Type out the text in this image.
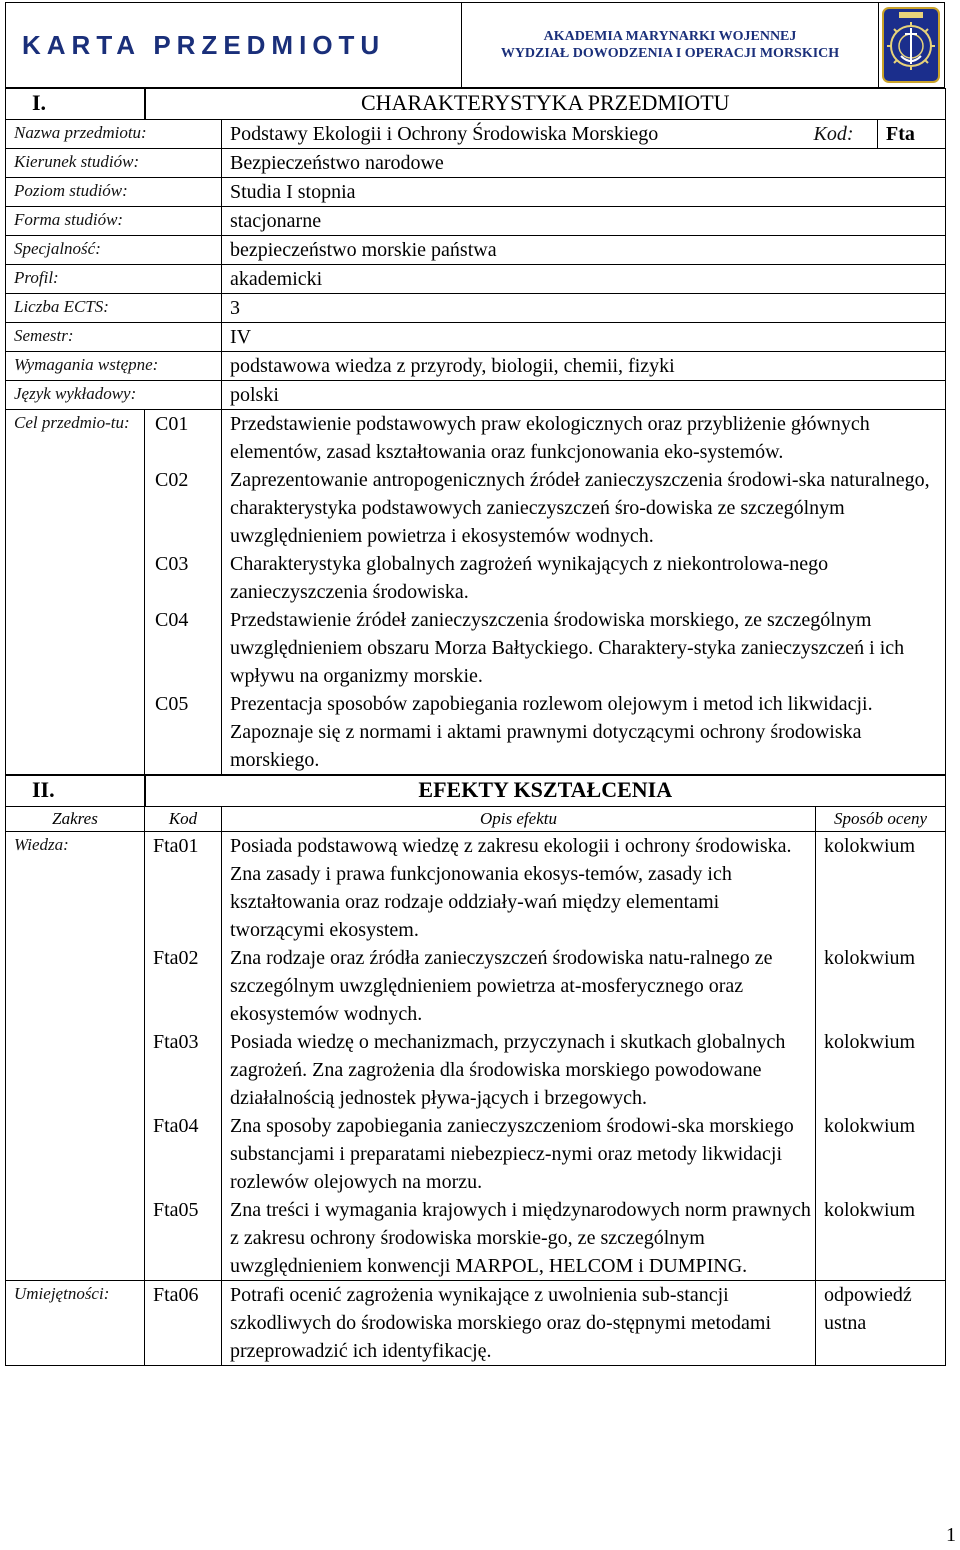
KARTA PRZEDMIOTU	AKADEMIA MARYNARKI WOJENNEJ
WYDZIAŁ DOWODZENIA I OPERACJI MORSKICH
I.	CHARAKTERYSTYKA PRZEDMIOTU			
Nazwa przedmiotu:		Podstawy Ekologii i Ochrony Środowiska Morskiego	Kod:	Fta
Kierunek studiów:		Bezpieczeństwo narodowe		
Poziom studiów:		Studia I stopnia		
Forma studiów:		stacjonarne		
Specjalność:		bezpieczeństwo morskie państwa		
Profil:		akademicki		
Liczba ECTS:		3		
Semestr:		IV		
Wymagania wstępne:		podstawowa wiedza z przyrody, biologii, chemii, fizyki		
Język wykładowy:		polski		
Cel przedmio-tu:	C01	Przedstawienie podstawowych praw ekologicznych oraz przybliżenie głównych elementów, zasad kształtowania oraz funkcjonowania eko-systemów.		
	C02	Zaprezentowanie antropogenicznych źródeł zanieczyszczenia środowi-ska naturalnego, charakterystyka podstawowych zanieczyszczeń śro-dowiska ze szczególnym uwzględnieniem powietrza i ekosystemów wodnych.		
	C03	Charakterystyka globalnych zagrożeń wynikających z niekontrolowa-nego zanieczyszczenia środowiska.		
	C04	Przedstawienie źródeł zanieczyszczenia środowiska morskiego, ze szczególnym uwzględnieniem obszaru Morza Bałtyckiego. Charaktery-styka zanieczyszczeń i ich wpływu na organizmy morskie.		
	C05	Prezentacja sposobów zapobiegania rozlewom olejowym i metod ich likwidacji. Zapoznaje się z normami i aktami prawnymi dotyczącymi ochrony środowiska morskiego.		
II.	EFEKTY KSZTAŁCENIA		
Zakres	Kod	Opis efektu	Sposób oceny
Wiedza:	Fta01	Posiada podstawową wiedzę z zakresu ekologii i ochrony środowiska. Zna zasady i prawa funkcjonowania ekosys-temów, zasady ich kształtowania oraz rodzaje oddziały-wań między elementami tworzącymi ekosystem.	kolokwium
	Fta02	Zna rodzaje oraz źródła zanieczyszczeń środowiska natu-ralnego ze szczególnym uwzględnieniem powietrza at-mosferycznego oraz ekosystemów wodnych.	kolokwium
	Fta03	Posiada wiedzę o mechanizmach, przyczynach i skutkach globalnych zagrożeń. Zna zagrożenia dla środowiska morskiego powodowane działalnością jednostek pływa-jących i brzegowych.	kolokwium
	Fta04	Zna sposoby zapobiegania zanieczyszczeniom środowi-ska morskiego substancjami i preparatami niebezpiecz-nymi oraz metody likwidacji rozlewów olejowych na morzu.	kolokwium
	Fta05	Zna treści i wymagania krajowych i międzynarodowych norm prawnych z zakresu ochrony środowiska morskie-go, ze szczególnym uwzględnieniem konwencji MARPOL, HELCOM i DUMPING.	kolokwium
Umiejętności:	Fta06	Potrafi ocenić zagrożenia wynikające z uwolnienia sub-stancji szkodliwych do środowiska morskiego oraz do-stępnymi metodami przeprowadzić ich identyfikację.	odpowiedź ustna
1
